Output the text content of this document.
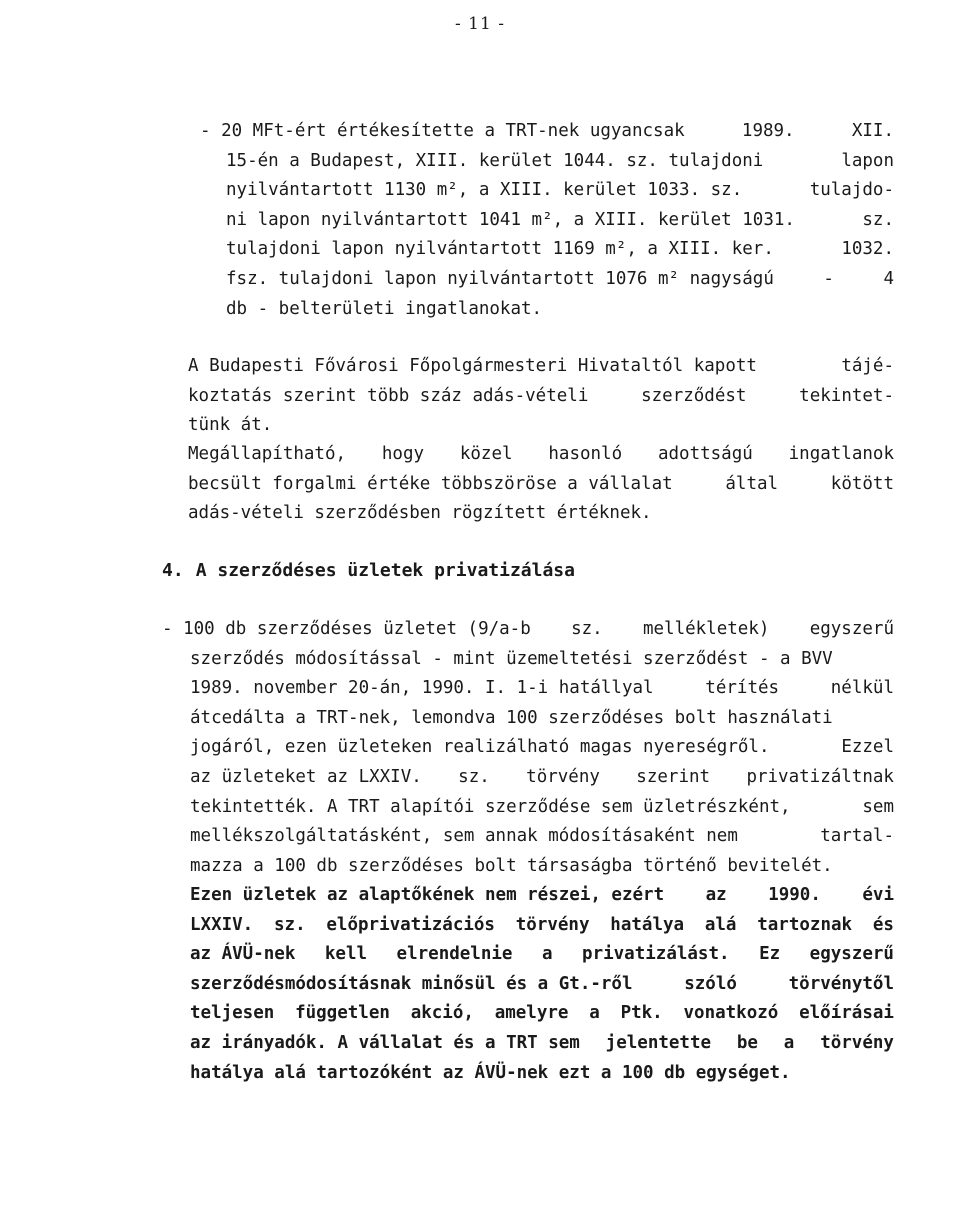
- 11 -
- 20 MFt-ért értékesítette a TRT-nek ugyancsak	1989.	XII.
15-én a Budapest, XIII. kerület 1044. sz. tulajdoni	lapon
nyilvántartott 1130 m², a XIII. kerület 1033. sz.	tulajdo-
ni lapon nyilvántartott 1041 m², a XIII. kerület 1031.	sz.
tulajdoni lapon nyilvántartott 1169 m², a XIII. ker.	1032.
fsz. tulajdoni lapon nyilvántartott 1076 m² nagyságú	-	4
db - belterületi ingatlanokat.
A Budapesti Fővárosi Főpolgármesteri Hivataltól kapott	tájé-
koztatás szerint több száz adás-vételi	szerződést	tekintet-
tünk át.
Megállapítható, hogy közel hasonló adottságú ingatlanok
becsült forgalmi értéke többszöröse a vállalat	által	kötött
adás-vételi szerződésben rögzített értéknek.
- 100 db szerződéses üzletet (9/a-b sz. mellékletek) egyszerű
szerződés módosítással - mint üzemeltetési szerződést - a BVV
1989. november 20-án, 1990. I. 1-i hatállyal	térítés	nélkül
átcedálta a TRT-nek, lemondva 100 szerződéses bolt használati
jogáról, ezen üzleteken realizálható magas nyereségről.	Ezzel
az üzleteket az LXXIV. sz. törvény szerint privatizáltnak
tekintették. A TRT alapítói szerződése sem üzletrészként,	sem
mellékszolgáltatásként, sem annak módosításaként nem	tartal-
mazza a 100 db szerződéses bolt társaságba történő bevitelét.
Ezen üzletek az alaptőkének nem részei, ezért az 1990. évi
LXXIV. sz. előprivatizációs törvény hatálya alá tartoznak és
az ÁVÜ-nek kell elrendelnie a privatizálást. Ez egyszerű
szerződésmódosításnak minősül és a Gt.-ről	szóló	törvénytől
teljesen független akció, amelyre a Ptk. vonatkozó előírásai
az irányadók. A vállalat és a TRT sem jelentette be a törvény
hatálya alá tartozóként az ÁVÜ-nek ezt a 100 db egységet.
4. A szerződéses üzletek privatizálása
